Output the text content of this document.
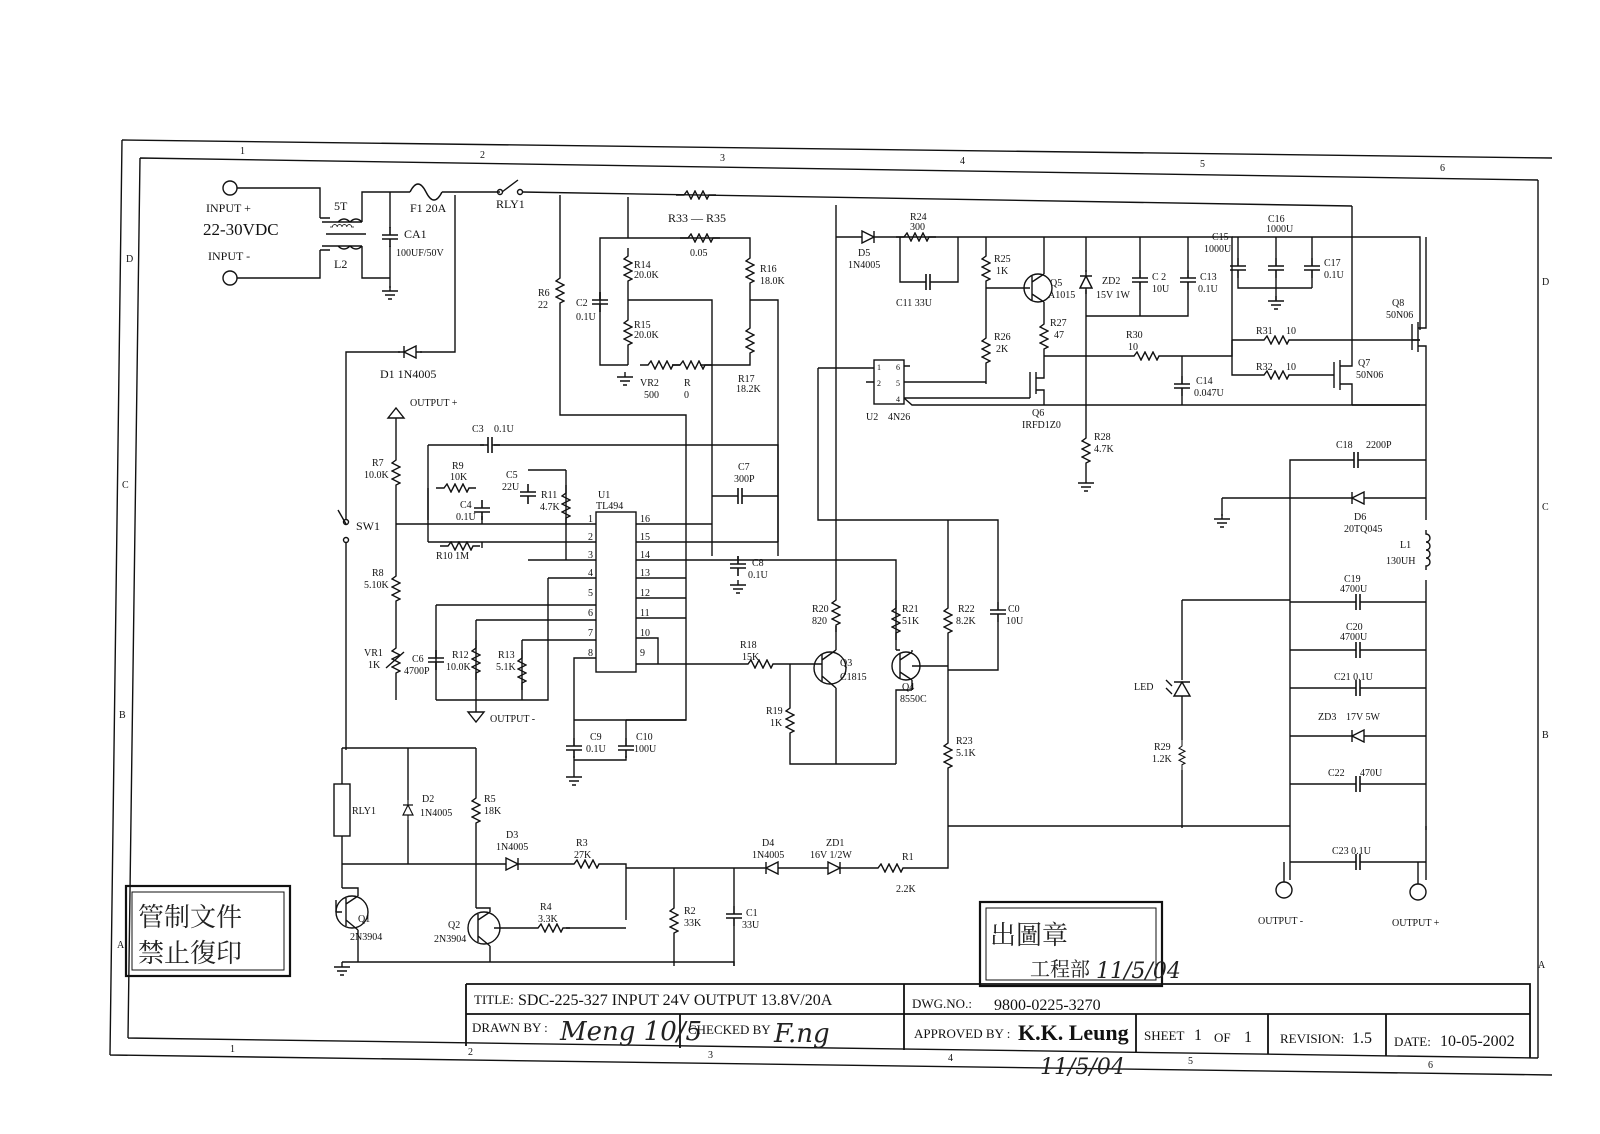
1	2	3	4	5	6
1	2	3	4	5	6
D
C
B
A
D
C
B
A
INPUT +
22-30VDC
INPUT -
5T
L2
CA1
100UF/50V
F1 20A	RLY1
D1 1N4005
R33 — R35
0.05
R14
20.0K
R15
20.0K
R16
18.0K
R17
18.2K
VR2
500
R
0
C2
0.1U
R6
22
U1
TL494
1
2
3
4
5
6
7
8
16
15
14
13
12
11
10
9
C3 0.1U
R9
10K
C4
0.1U
C5
22U
R11
4.7K
R10 1M
C7
300P
C8
0.1U
R13
5.1K
R12
10.0K
C6
4700P
OUTPUT -
C9
0.1U
C10
100U
OUTPUT +
R7
10.0K
R8
5.10K
VR1
1K
SW1
R18
15K
R19
1K
Q3
C1815
R20
820
R21
51K
Q4
8550C
R22
8.2K
R23
5.1K
C0
10U
D5
1N4005
R24
300
C11 33U
R25
1K
R26
2K
Q5
A1015
R27
47	R30
10
ZD2
15V 1W
C 2
10U
C13
0.1U
1
2
6
5
4
U2 4N26	Q6
IRFD1Z0
R28
4.7K
C14
0.047U
C15
1000U
C16
1000U
C17
0.1U
R31 10
R32 10	Q7
50N06
Q8
50N06
C18 2200P
D6
20TQ045
L1
130UH
C19
4700U
C20
4700U
C21 0.1U
ZD3 17V 5W
C22 470U
C23 0.1U
LED
R29
1.2K
OUTPUT -	OUTPUT +
RLY1
D2
1N4005
R5
18K
D3
1N4005	R3
27K
D4
1N4005
ZD1
16V 1/2W	R1
2.2K
Q1
2N3904
Q2
2N3904
R4
3.3K
R2
33K
C1
33U
管制文件
禁止復印
出圖章
工程部 11/5/04
TITLE: SDC-225-327 INPUT 24V OUTPUT 13.8V/20A	DWG.NO.: 9800-0225-3270
DRAWN BY : Meng 10/5
CHECKED BY F.ng	APPROVED BY : K.K. Leung
11/5/04
SHEET 1 OF 1 REVISION: 1.5 DATE: 10-05-2002
